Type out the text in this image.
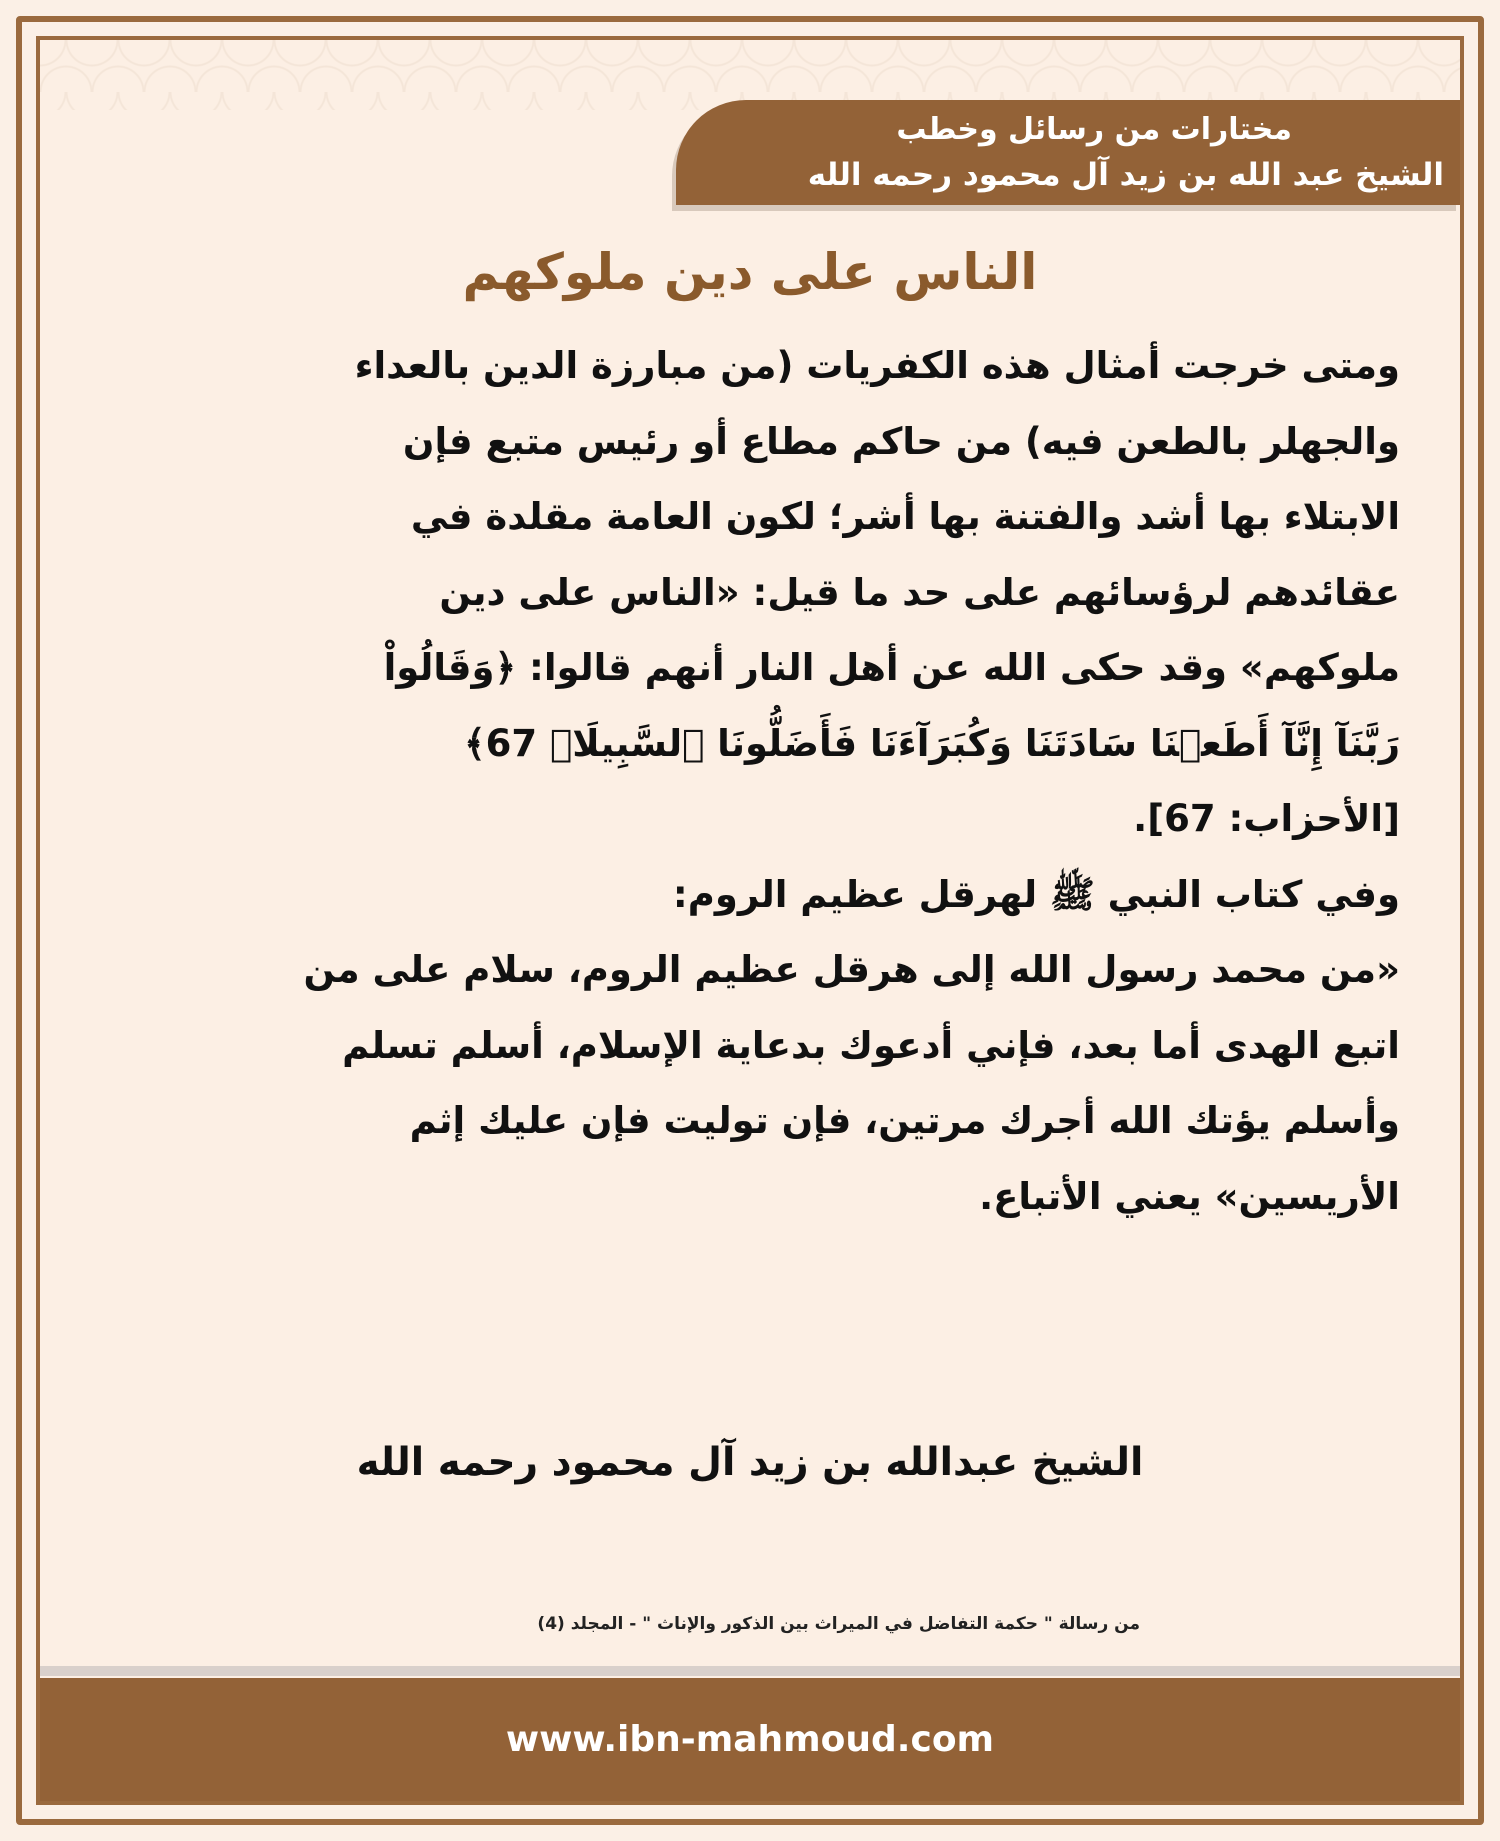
مختارات من رسائل وخطب
الشيخ عبد الله بن زيد آل محمود رحمه الله
الناس على دين ملوكهم

ومتى خرجت أمثال هذه الكفريات (من مبارزة الدين بالعداء

والجهلر بالطعن فيه) من حاكم مطاع أو رئيس متبع فإن

الابتلاء بها أشد والفتنة بها أشر؛ لكون العامة مقلدة في

عقائدهم لرؤسائهم على حد ما قيل: «الناس على دين

ملوكهم» وقد حكى الله عن أهل النار أنهم قالوا: ﴿وَقَالُواْ

رَبَّنَآ إِنَّآ أَطَعۡنَا سَادَتَنَا وَكُبَرَآءَنَا فَأَضَلُّونَا ٱلسَّبِيلَا۠ 67﴾

[الأحزاب: 67].

وفي كتاب النبي ﷺ لهرقل عظيم الروم:

«من محمد رسول الله إلى هرقل عظيم الروم، سلام على من

اتبع الهدى أما بعد، فإني أدعوك بدعاية الإسلام، أسلم تسلم

وأسلم يؤتك الله أجرك مرتين، فإن توليت فإن عليك إثم

الأريسين» يعني الأتباع.

الشيخ عبدالله بن زيد آل محمود رحمه الله
من رسالة " حكمة التفاضل في الميراث بين الذكور والإناث " - المجلد (4)
www.ibn-mahmoud.com
